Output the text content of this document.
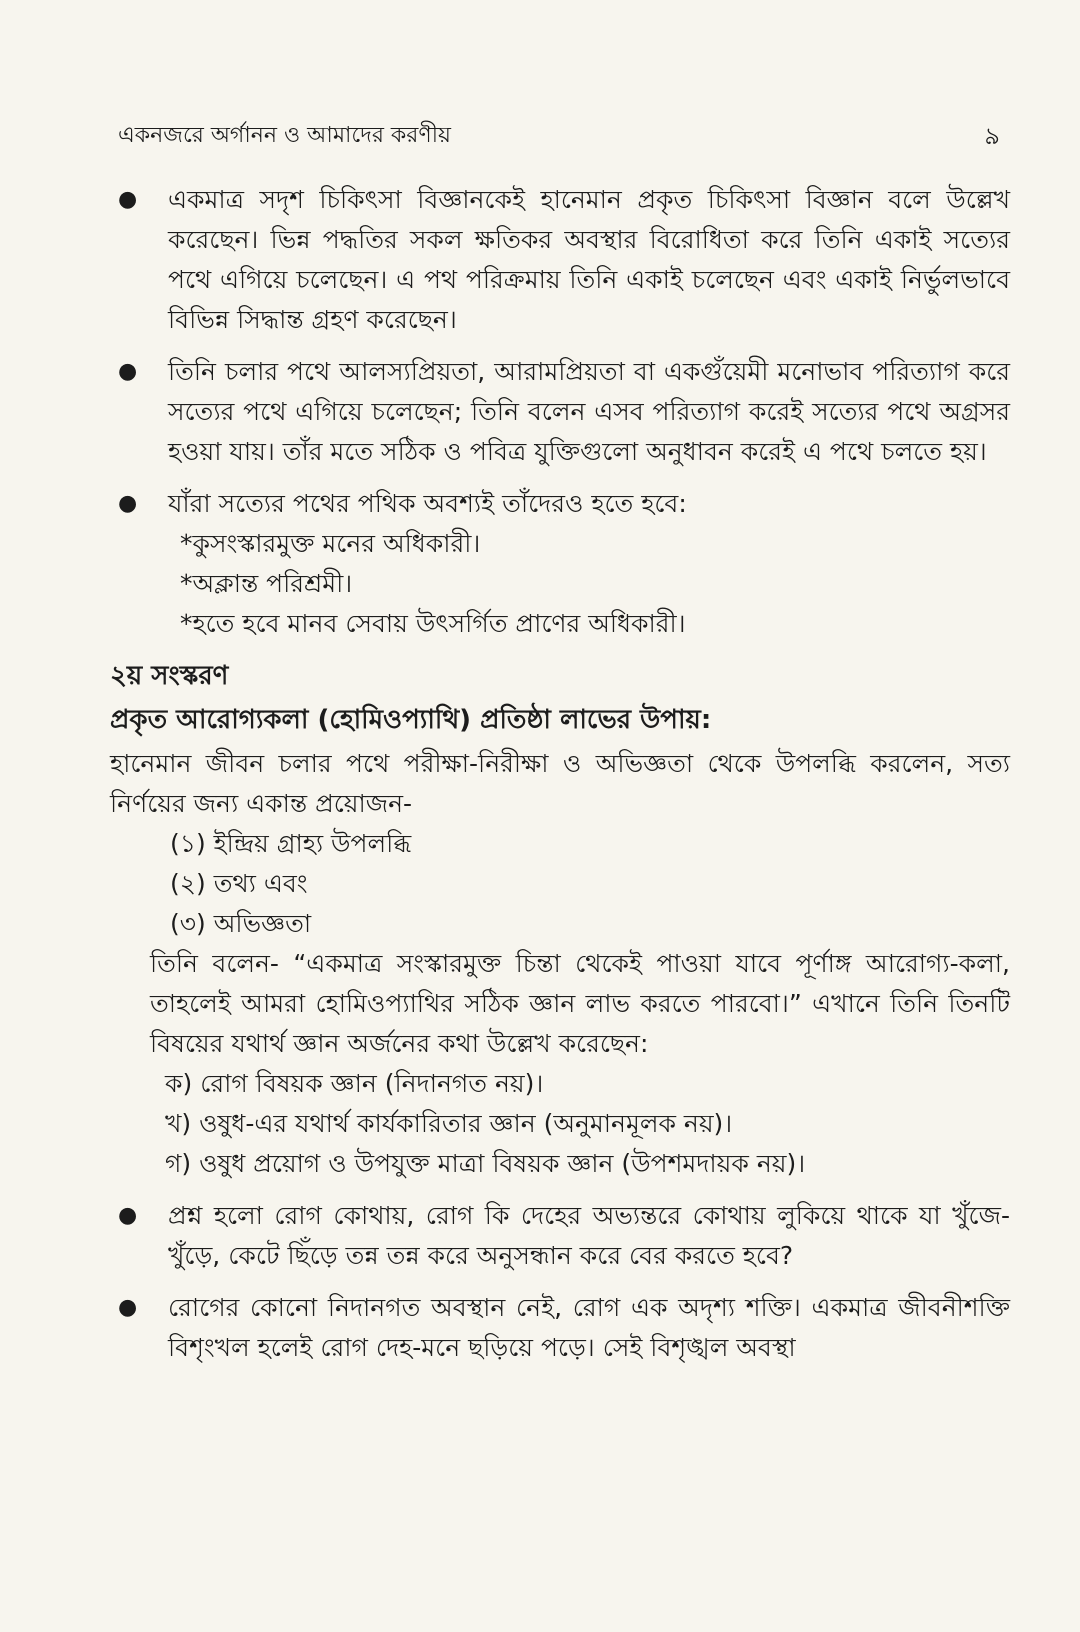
একনজরে অর্গানন ও আমাদের করণীয়	৯
● একমাত্র সদৃশ চিকিৎসা বিজ্ঞানকেই হানেমান প্রকৃত চিকিৎসা বিজ্ঞান বলে উল্লেখ করেছেন। ভিন্ন পদ্ধতির সকল ক্ষতিকর অবস্থার বিরোধিতা করে তিনি একাই সত্যের পথে এগিয়ে চলেছেন। এ পথ পরিক্রমায় তিনি একাই চলেছেন এবং একাই নির্ভুলভাবে বিভিন্ন সিদ্ধান্ত গ্রহণ করেছেন।

● তিনি চলার পথে আলস্যপ্রিয়তা, আরামপ্রিয়তা বা একগুঁয়েমী মনোভাব পরিত্যাগ করে সত্যের পথে এগিয়ে চলেছেন; তিনি বলেন এসব পরিত্যাগ করেই সত্যের পথে অগ্রসর হওয়া যায়। তাঁর মতে সঠিক ও পবিত্র যুক্তিগুলো অনুধাবন করেই এ পথে চলতে হয়।

● যাঁরা সত্যের পথের পথিক অবশ্যই তাঁদেরও হতে হবে:

*কুসংস্কারমুক্ত মনের অধিকারী।

*অক্লান্ত পরিশ্রমী।

*হতে হবে মানব সেবায় উৎসর্গিত প্রাণের অধিকারী।

২য় সংস্করণ
প্রকৃত আরোগ্যকলা (হোমিওপ্যাথি) প্রতিষ্ঠা লাভের উপায়:

হানেমান জীবন চলার পথে পরীক্ষা-নিরীক্ষা ও অভিজ্ঞতা থেকে উপলব্ধি করলেন, সত্য নির্ণয়ের জন্য একান্ত প্রয়োজন-

(১) ইন্দ্রিয় গ্রাহ্য উপলব্ধি

(২) তথ্য এবং

(৩) অভিজ্ঞতা

তিনি বলেন- “একমাত্র সংস্কারমুক্ত চিন্তা থেকেই পাওয়া যাবে পূর্ণাঙ্গ আরোগ্য-কলা, তাহলেই আমরা হোমিওপ্যাথির সঠিক জ্ঞান লাভ করতে পারবো।” এখানে তিনি তিনটি বিষয়ের যথার্থ জ্ঞান অর্জনের কথা উল্লেখ করেছেন:

ক) রোগ বিষয়ক জ্ঞান (নিদানগত নয়)।

খ) ওষুধ-এর যথার্থ কার্যকারিতার জ্ঞান (অনুমানমূলক নয়)।

গ) ওষুধ প্রয়োগ ও উপযুক্ত মাত্রা বিষয়ক জ্ঞান (উপশমদায়ক নয়)।

● প্রশ্ন হলো রোগ কোথায়, রোগ কি দেহের অভ্যন্তরে কোথায় লুকিয়ে থাকে যা খুঁজে-খুঁড়ে, কেটে ছিঁড়ে তন্ন তন্ন করে অনুসন্ধান করে বের করতে হবে?

● রোগের কোনো নিদানগত অবস্থান নেই, রোগ এক অদৃশ্য শক্তি। একমাত্র জীবনীশক্তি বিশৃংখল হলেই রোগ দেহ-মনে ছড়িয়ে পড়ে। সেই বিশৃঙ্খল অবস্থা
